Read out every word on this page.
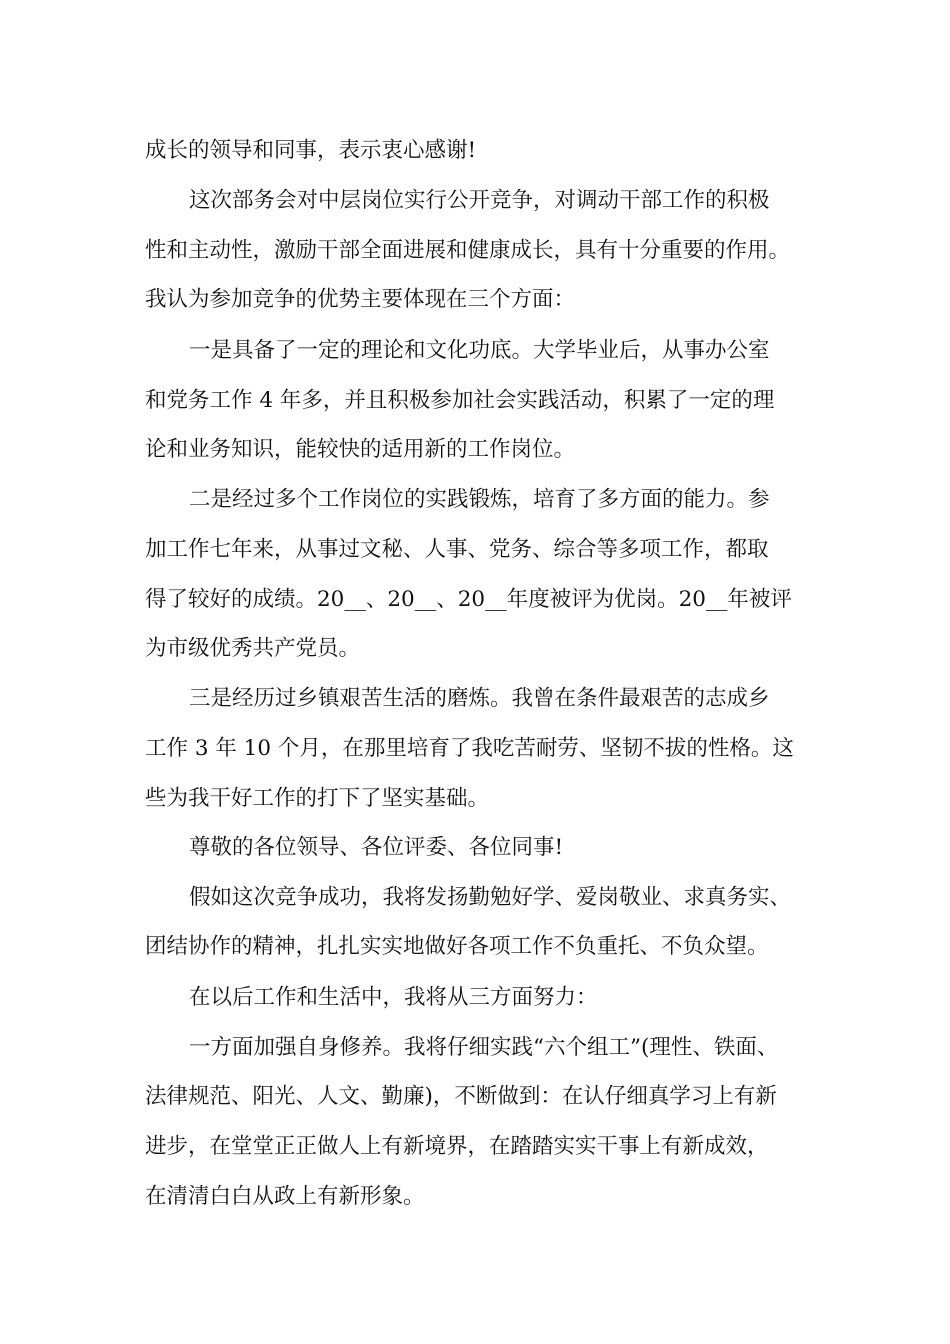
成长的领导和同事，表示衷心感谢!

这次部务会对中层岗位实行公开竞争，对调动干部工作的积极

性和主动性，激励干部全面进展和健康成长，具有十分重要的作用。

我认为参加竞争的优势主要体现在三个方面：

一是具备了一定的理论和文化功底。大学毕业后，从事办公室

和党务工作 4 年多，并且积极参加社会实践活动，积累了一定的理

论和业务知识，能较快的适用新的工作岗位。

二是经过多个工作岗位的实践锻炼，培育了多方面的能力。参

加工作七年来，从事过文秘、人事、党务、综合等多项工作，都取

得了较好的成绩。20__、20__、20__年度被评为优岗。20__年被评

为市级优秀共产党员。

三是经历过乡镇艰苦生活的磨炼。我曾在条件最艰苦的志成乡

工作 3 年 10 个月，在那里培育了我吃苦耐劳、坚韧不拔的性格。这

些为我干好工作的打下了坚实基础。

尊敬的各位领导、各位评委、各位同事!

假如这次竞争成功，我将发扬勤勉好学、爱岗敬业、求真务实、

团结协作的精神，扎扎实实地做好各项工作不负重托、不负众望。

在以后工作和生活中，我将从三方面努力：

一方面加强自身修养。我将仔细实践“六个组工”(理性、铁面、

法律规范、阳光、人文、勤廉)，不断做到：在认仔细真学习上有新

进步，在堂堂正正做人上有新境界，在踏踏实实干事上有新成效，

在清清白白从政上有新形象。
